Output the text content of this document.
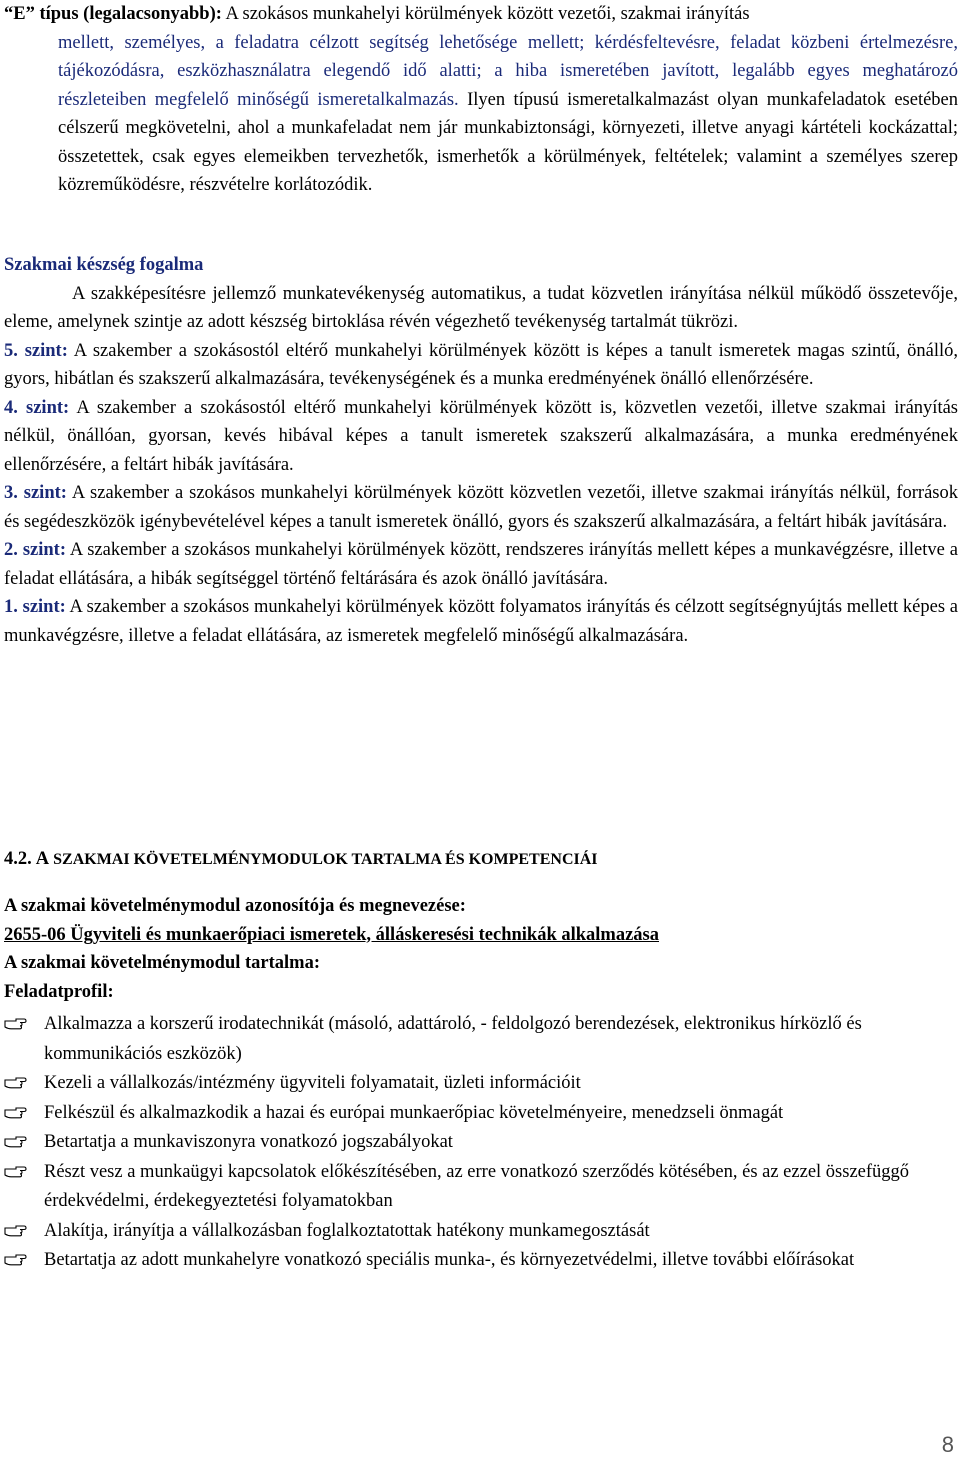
“E” típus (legalacsonyabb): A szokásos munkahelyi körülmények között vezetői, szakmai irányítás

mellett, személyes, a feladatra célzott segítség lehetősége mellett; kérdésfeltevésre, feladat közbeni értelmezésre, tájékozódásra, eszközhasználatra elegendő idő alatti; a hiba ismeretében javított, legalább egyes meghatározó részleteiben megfelelő minőségű ismeretalkalmazás. Ilyen típusú ismeretalkalmazást olyan munkafeladatok esetében célszerű megkövetelni, ahol a munkafeladat nem jár munkabiztonsági, környezeti, illetve anyagi kártételi kockázattal; összetettek, csak egyes elemeikben tervezhetők, ismerhetők a körülmények, feltételek; valamint a személyes szerep közreműködésre, részvételre korlátozódik.

Szakmai készség fogalma

A szakképesítésre jellemző munkatevékenység automatikus, a tudat közvetlen irányítása nélkül működő összetevője, eleme, amelynek szintje az adott készség birtoklása révén végezhető tevékenység tartalmát tükrözi.

5. szint: A szakember a szokásostól eltérő munkahelyi körülmények között is képes a tanult ismeretek magas szintű, önálló, gyors, hibátlan és szakszerű alkalmazására, tevékenységének és a munka eredményének önálló ellenőrzésére.

4. szint: A szakember a szokásostól eltérő munkahelyi körülmények között is, közvetlen vezetői, illetve szakmai irányítás nélkül, önállóan, gyorsan, kevés hibával képes a tanult ismeretek szakszerű alkalmazására, a munka eredményének ellenőrzésére, a feltárt hibák javítására.

3. szint: A szakember a szokásos munkahelyi körülmények között közvetlen vezetői, illetve szakmai irányítás nélkül, források és segédeszközök igénybevételével képes a tanult ismeretek önálló, gyors és szakszerű alkalmazására, a feltárt hibák javítására.

2. szint: A szakember a szokásos munkahelyi körülmények között, rendszeres irányítás mellett képes a munkavégzésre, illetve a feladat ellátására, a hibák segítséggel történő feltárására és azok önálló javítására.

1. szint: A szakember a szokásos munkahelyi körülmények között folyamatos irányítás és célzott segítségnyújtás mellett képes a munkavégzésre, illetve a feladat ellátására, az ismeretek megfelelő minőségű alkalmazására.

4.2. A SZAKMAI KÖVETELMÉNYMODULOK TARTALMA ÉS KOMPETENCIÁI

A szakmai követelménymodul azonosítója és megnevezése:

2655-06 Ügyviteli és munkaerőpiaci ismeretek, álláskeresési technikák alkalmazása

A szakmai követelménymodul tartalma:

Feladatprofil:

Alkalmazza a korszerű irodatechnikát (másoló, adattároló, - feldolgozó berendezések, elektronikus hírközlő és kommunikációs eszközök)
Kezeli a vállalkozás/intézmény ügyviteli folyamatait, üzleti információit
Felkészül és alkalmazkodik a hazai és európai munkaerőpiac követelményeire, menedzseli önmagát
Betartatja a munkaviszonyra vonatkozó jogszabályokat
Részt vesz a munkaügyi kapcsolatok előkészítésében, az erre vonatkozó szerződés kötésében, és az ezzel összefüggő érdekvédelmi, érdekegyeztetési folyamatokban
Alakítja, irányítja a vállalkozásban foglalkoztatottak hatékony munkamegosztását
Betartatja az adott munkahelyre vonatkozó speciális munka-, és környezetvédelmi, illetve további előírásokat
8
